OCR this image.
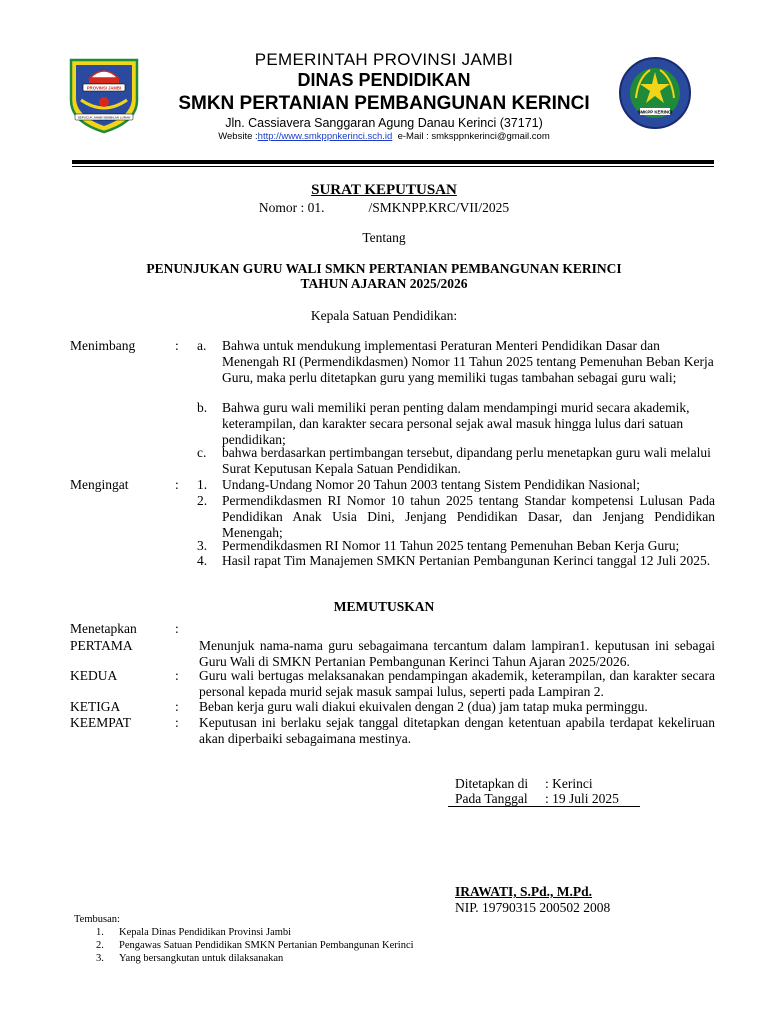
PROVINSI JAMBI
SEPUCUK JAMBI SEMBILAN LURAH
SMKPP KERINCI
PEMERINTAH PROVINSI JAMBI
DINAS PENDIDIKAN
SMKN PERTANIAN PEMBANGUNAN KERINCI
Jln. Cassiavera Sanggaran Agung Danau Kerinci (37171)
Website :http://www.smkppnkerinci.sch.id e-Mail : smksppnkerinci@gmail.com
SURAT KEPUTUSAN
Nomor : 01.	/SMKNPP.KRC/VII/2025
Tentang
PENUNJUKAN GURU WALI SMKN PERTANIAN PEMBANGUNAN KERINCI
TAHUN AJARAN 2025/2026
Kepala Satuan Pendidikan:
Menimbang	: a. Bahwa untuk mendukung implementasi Peraturan Menteri Pendidikan Dasar dan Menengah RI (Permendikdasmen) Nomor 11 Tahun 2025 tentang Pemenuhan Beban Kerja Guru, maka perlu ditetapkan guru yang memiliki tugas tambahan sebagai guru wali;
b. Bahwa guru wali memiliki peran penting dalam mendampingi murid secara akademik, keterampilan, dan karakter secara personal sejak awal masuk hingga lulus dari satuan pendidikan;
c. bahwa berdasarkan pertimbangan tersebut, dipandang perlu menetapkan guru wali melalui Surat Keputusan Kepala Satuan Pendidikan.
Mengingat	: 1. Undang-Undang Nomor 20 Tahun 2003 tentang Sistem Pendidikan Nasional;
2. Permendikdasmen RI Nomor 10 tahun 2025 tentang Standar kompetensi Lulusan Pada Pendidikan Anak Usia Dini, Jenjang Pendidikan Dasar, dan Jenjang Pendidikan Menengah;
3. Permendikdasmen RI Nomor 11 Tahun 2025 tentang Pemenuhan Beban Kerja Guru;
4. Hasil rapat Tim Manajemen SMKN Pertanian Pembangunan Kerinci tanggal 12 Juli 2025.
MEMUTUSKAN
Menetapkan	:
PERTAMA	Menunjuk nama-nama guru sebagaimana tercantum dalam lampiran1. keputusan ini sebagai Guru Wali di SMKN Pertanian Pembangunan Kerinci Tahun Ajaran 2025/2026.
KEDUA	: Guru wali bertugas melaksanakan pendampingan akademik, keterampilan, dan karakter secara personal kepada murid sejak masuk sampai lulus, seperti pada Lampiran 2.
KETIGA	: Beban kerja guru wali diakui ekuivalen dengan 2 (dua) jam tatap muka perminggu.
KEEMPAT	: Keputusan ini berlaku sejak tanggal ditetapkan dengan ketentuan apabila terdapat kekeliruan akan diperbaiki sebagaimana mestinya.
Ditetapkan di : Kerinci
Pada Tanggal : 19 Juli 2025
IRAWATI, S.Pd., M.Pd.
NIP. 19790315 200502 2008
Tembusan:
1. Kepala Dinas Pendidikan Provinsi Jambi
2. Pengawas Satuan Pendidikan SMKN Pertanian Pembangunan Kerinci
3. Yang bersangkutan untuk dilaksanakan
